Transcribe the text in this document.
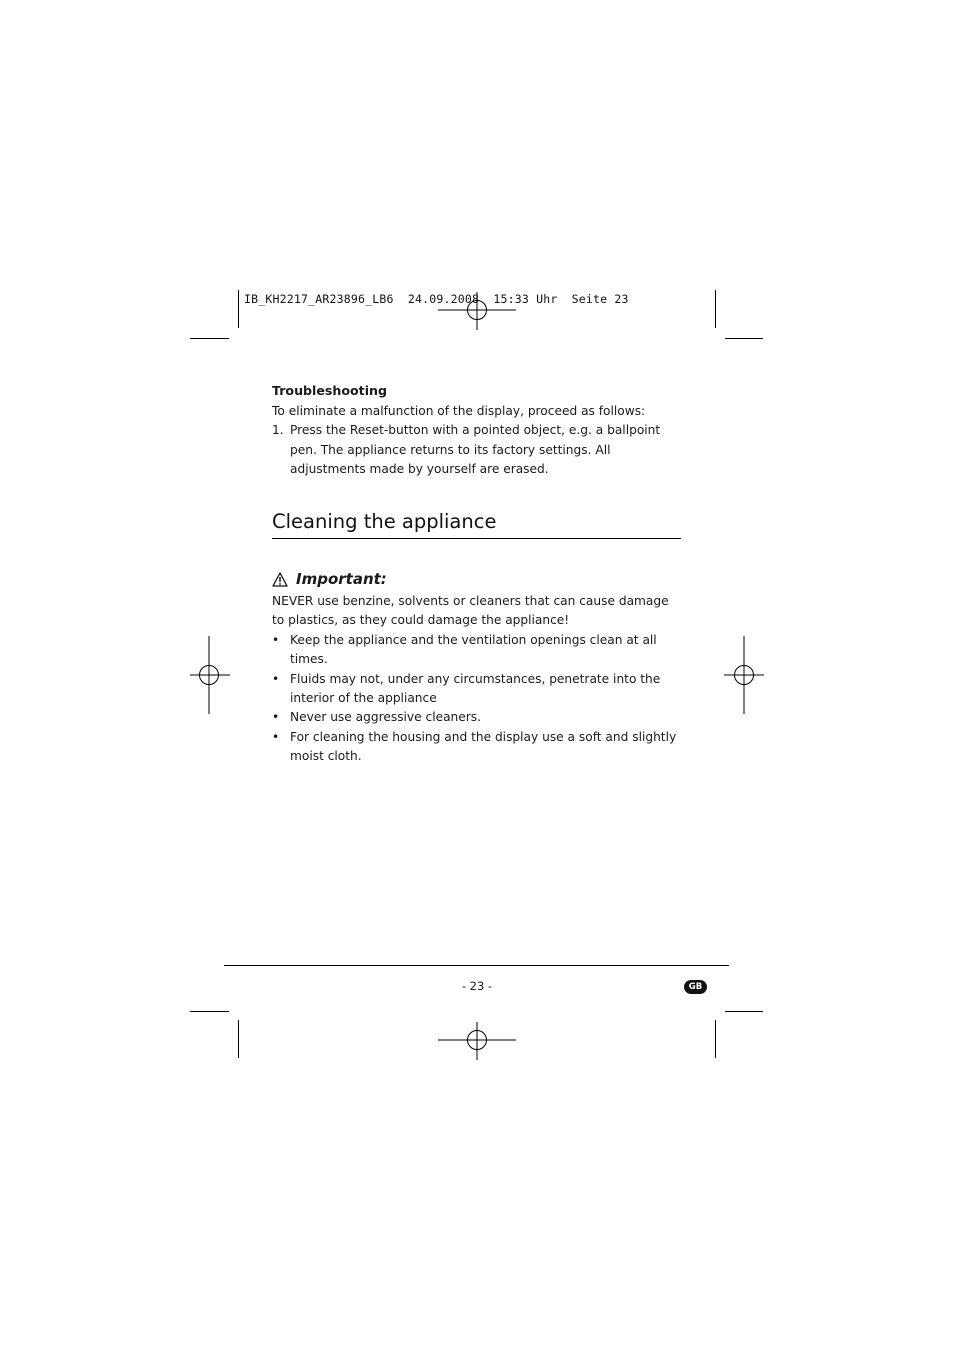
IB_KH2217_AR23896_LB6  24.09.2008  15:33 Uhr  Seite 23
Troubleshooting

To eliminate a malfunction of the display, proceed as follows:

1. Press the Reset-button with a pointed object, e.g. a ballpoint pen. The appliance returns to its factory settings. All adjustments made by yourself are erased.
Cleaning the appliance
Important:

NEVER use benzine, solvents or cleaners that can cause damage to plastics, as they could damage the appliance!

• Keep the appliance and the ventilation openings clean at all times.
• Fluids may not, under any circumstances, penetrate into the interior of the appliance
• Never use aggressive cleaners.
• For cleaning the housing and the display use a soft and slightly moist cloth.
- 23 -	GB
